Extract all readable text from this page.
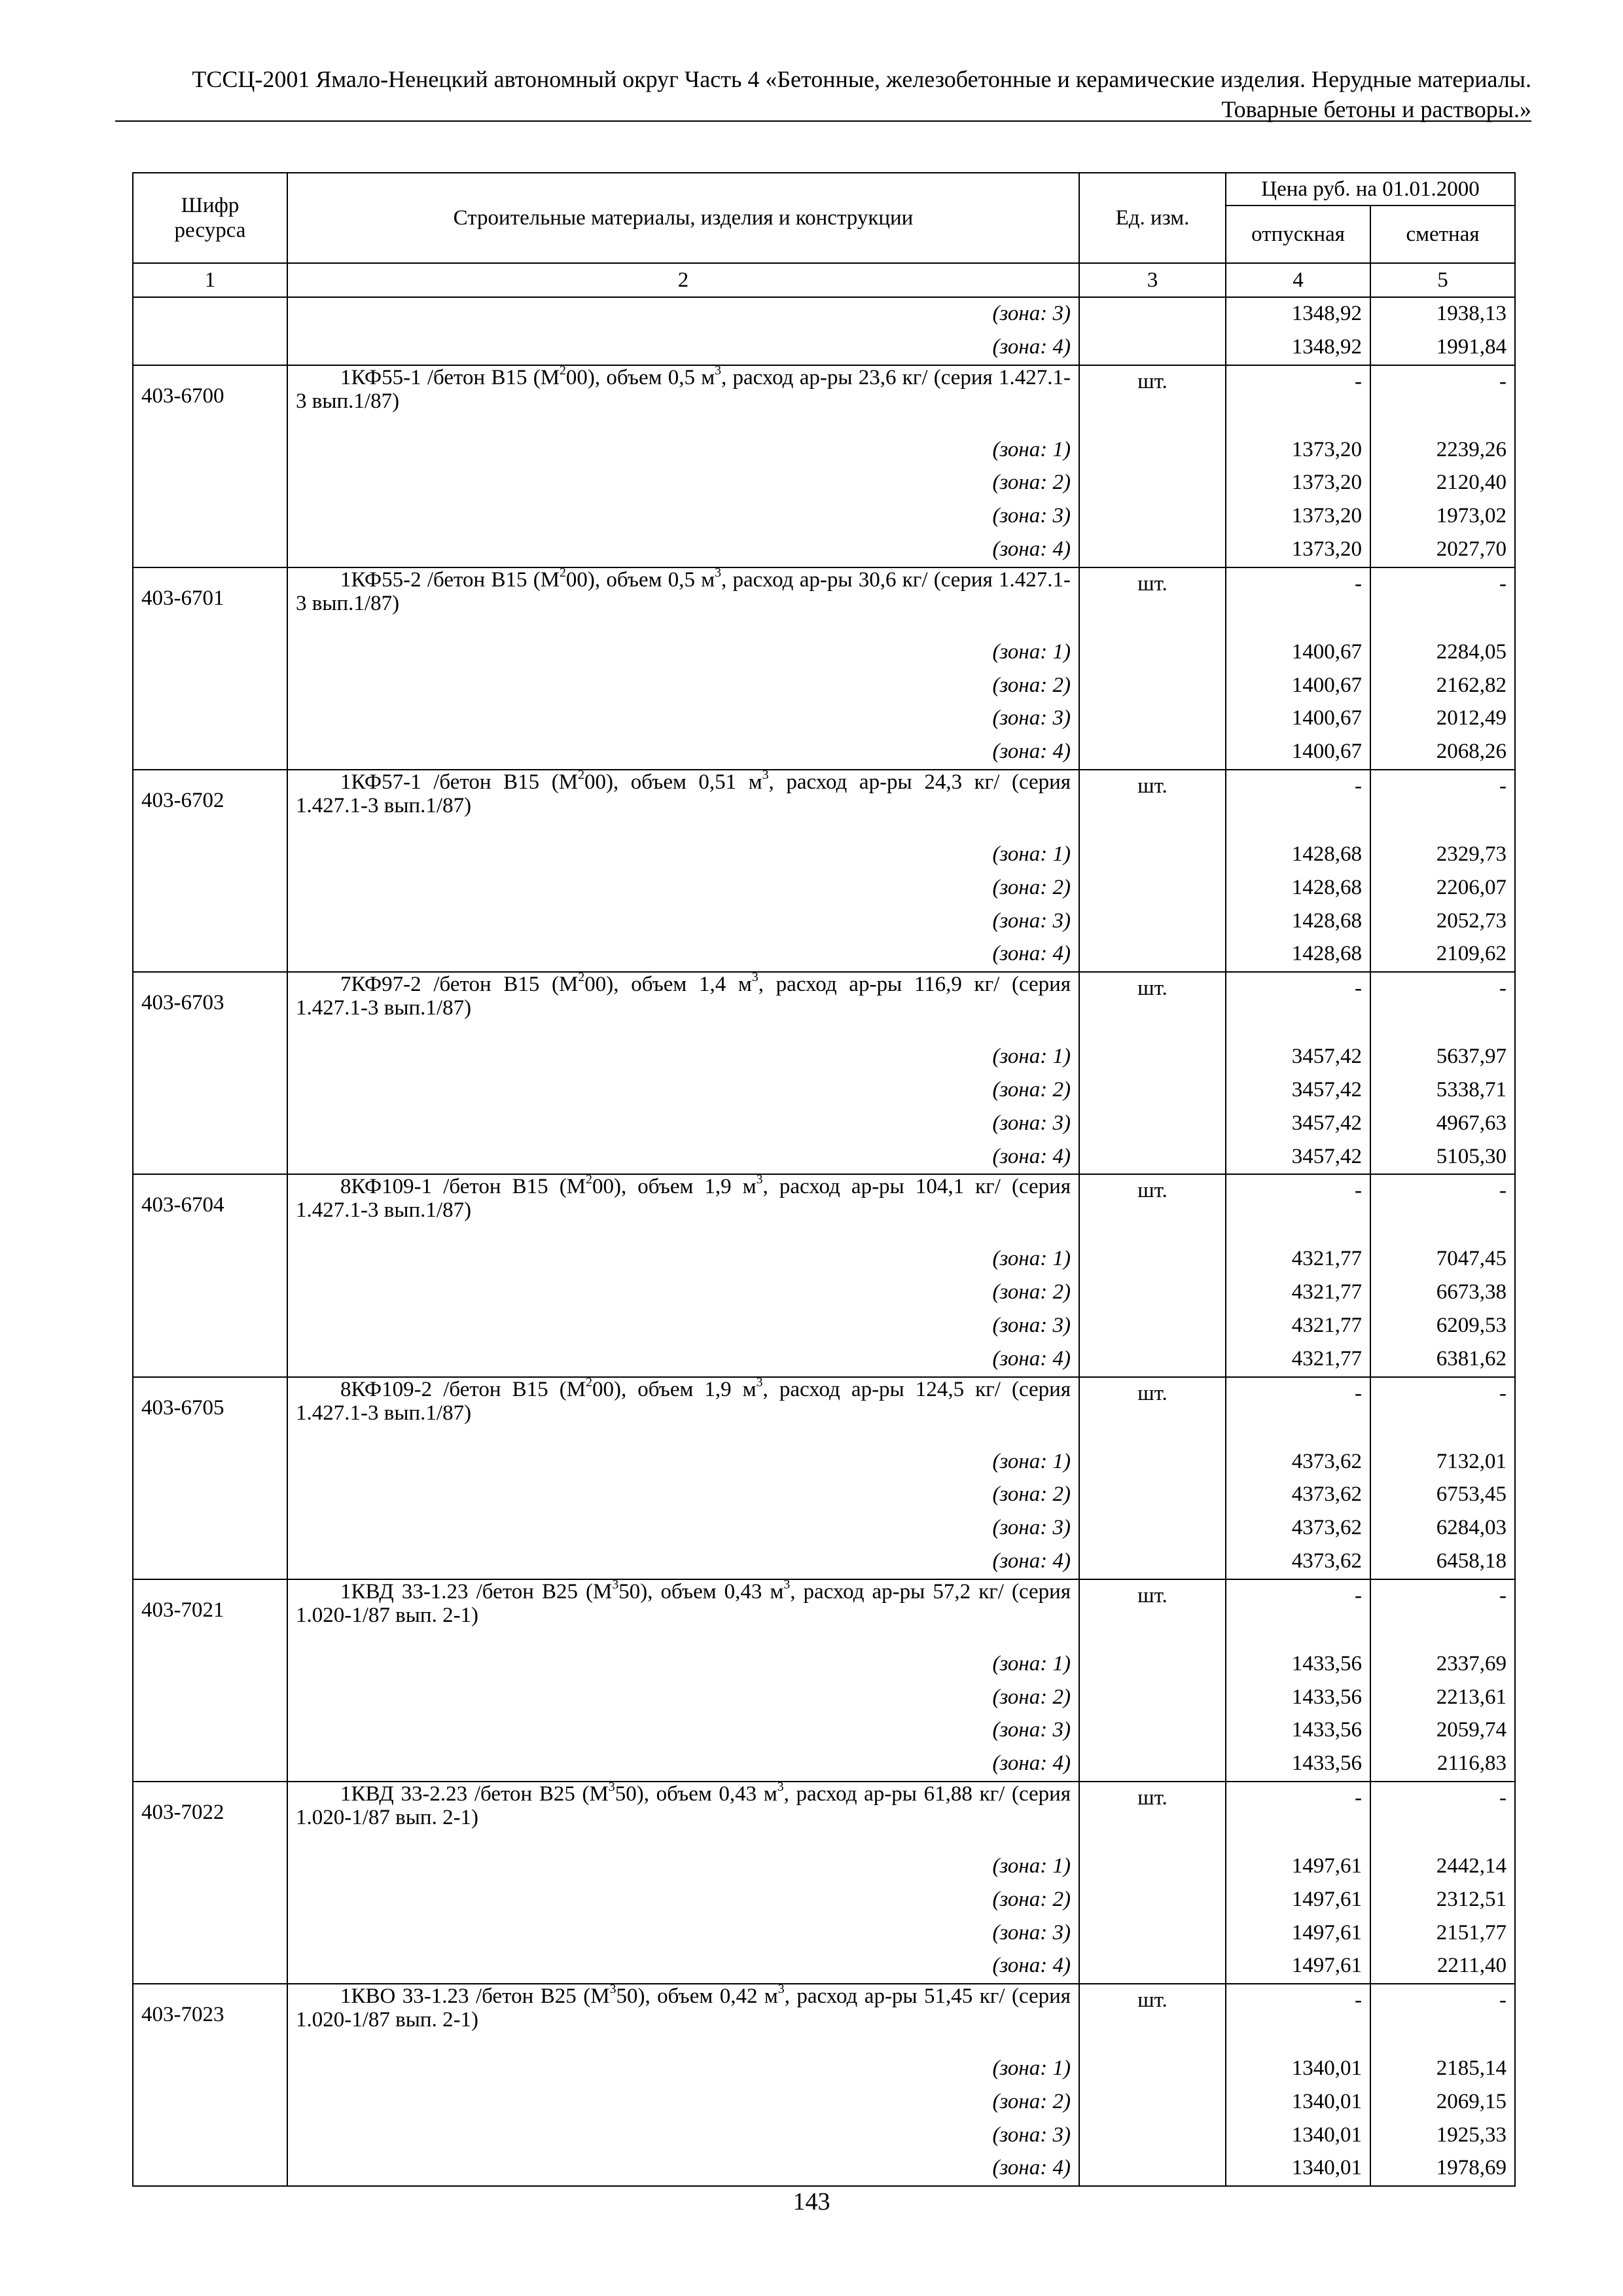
ТССЦ-2001 Ямало-Ненецкий автономный округ Часть 4 «Бетонные, железобетонные и керамические изделия. Нерудные материалы.
Товарные бетоны и растворы.»
Шифр ресурса	Строительные материалы, изделия и конструкции	Ед. изм.	Цена руб. на 01.01.2000	
			отпускная	сметная
1	2	3	4	5
	(зона: 3)		1348,92	1938,13
	(зона: 4)		1348,92	1991,84
403-6700	1КФ55-1 /бетон В15 $(М^200)$, объем 0,5 $м^3$, расход ар-ры 23,6 кг/ (серия 1.427.1-3 вып.1/87)	шт.	-	-
	(зона: 1)		1373,20	2239,26
	(зона: 2)		1373,20	2120,40
	(зона: 3)		1373,20	1973,02
	(зона: 4)		1373,20	2027,70
403-6701	1КФ55-2 /бетон В15 $(М^200)$, объем 0,5 $м^3$, расход ар-ры 30,6 кг/ (серия 1.427.1-3 вып.1/87)	шт.	-	-
	(зона: 1)		1400,67	2284,05
	(зона: 2)		1400,67	2162,82
	(зона: 3)		1400,67	2012,49
	(зона: 4)		1400,67	2068,26
403-6702	1КФ57-1 /бетон В15 $(М^200)$, объем 0,51 $м^3$, расход ар-ры 24,3 кг/ (серия 1.427.1-3 вып.1/87)	шт.	-	-
	(зона: 1)		1428,68	2329,73
	(зона: 2)		1428,68	2206,07
	(зона: 3)		1428,68	2052,73
	(зона: 4)		1428,68	2109,62
403-6703	7КФ97-2 /бетон В15 $(М^200)$, объем 1,4 $м^3$, расход ар-ры 116,9 кг/ (серия 1.427.1-3 вып.1/87)	шт.	-	-
	(зона: 1)		3457,42	5637,97
	(зона: 2)		3457,42	5338,71
	(зона: 3)		3457,42	4967,63
	(зона: 4)		3457,42	5105,30
403-6704	8КФ109-1 /бетон В15 $(М^200)$, объем 1,9 $м^3$, расход ар-ры 104,1 кг/ (серия 1.427.1-3 вып.1/87)	шт.	-	-
	(зона: 1)		4321,77	7047,45
	(зона: 2)		4321,77	6673,38
	(зона: 3)		4321,77	6209,53
	(зона: 4)		4321,77	6381,62
403-6705	8КФ109-2 /бетон В15 $(М^200)$, объем 1,9 $м^3$, расход ар-ры 124,5 кг/ (серия 1.427.1-3 вып.1/87)	шт.	-	-
	(зона: 1)		4373,62	7132,01
	(зона: 2)		4373,62	6753,45
	(зона: 3)		4373,62	6284,03
	(зона: 4)		4373,62	6458,18
403-7021	1КВД 33-1.23 /бетон В25 $(М^350)$, объем 0,43 $м^3$, расход ар-ры 57,2 кг/ (серия 1.020-1/87 вып. 2-1)	шт.	-	-
	(зона: 1)		1433,56	2337,69
	(зона: 2)		1433,56	2213,61
	(зона: 3)		1433,56	2059,74
	(зона: 4)		1433,56	2116,83
403-7022	1КВД 33-2.23 /бетон В25 $(М^350)$, объем 0,43 $м^3$, расход ар-ры 61,88 кг/ (серия 1.020-1/87 вып. 2-1)	шт.	-	-
	(зона: 1)		1497,61	2442,14
	(зона: 2)		1497,61	2312,51
	(зона: 3)		1497,61	2151,77
	(зона: 4)		1497,61	2211,40
403-7023	1КВО 33-1.23 /бетон В25 $(М^350)$, объем 0,42 $м^3$, расход ар-ры 51,45 кг/ (серия 1.020-1/87 вып. 2-1)	шт.	-	-
	(зона: 1)		1340,01	2185,14
	(зона: 2)		1340,01	2069,15
	(зона: 3)		1340,01	1925,33
	(зона: 4)		1340,01	1978,69
143
